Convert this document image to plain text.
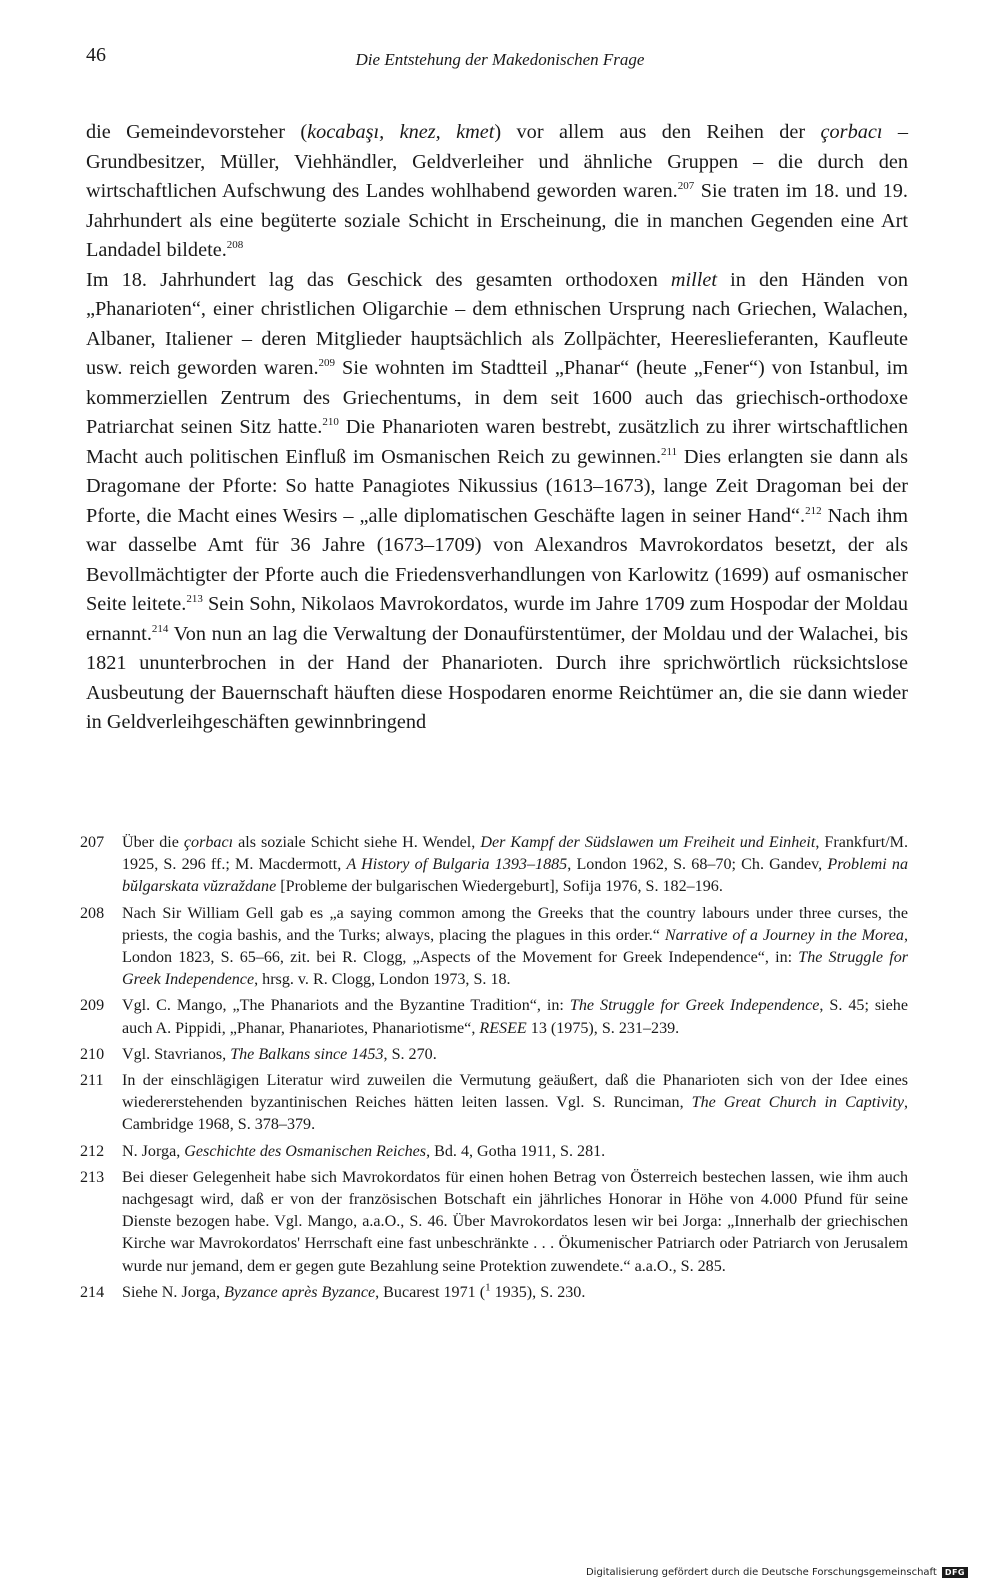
46	Die Entstehung der Makedonischen Frage

die Gemeindevorsteher (kocabaşı, knez, kmet) vor allem aus den Reihen der çorbacı – Grundbesitzer, Müller, Viehhändler, Geldverleiher und ähnliche Gruppen – die durch den wirtschaftlichen Aufschwung des Landes wohlhabend geworden waren.$^{207}$ Sie traten im 18. und 19. Jahrhundert als eine begüterte soziale Schicht in Erscheinung, die in manchen Gegenden eine Art Landadel bildete.$^{208}$

Im 18. Jahrhundert lag das Geschick des gesamten orthodoxen millet in den Händen von „Phanarioten“, einer christlichen Oligarchie – dem ethnischen Ursprung nach Griechen, Walachen, Albaner, Italiener – deren Mitglieder hauptsächlich als Zollpächter, Heereslieferanten, Kaufleute usw. reich geworden waren.$^{209}$ Sie wohnten im Stadtteil „Phanar“ (heute „Fener“) von Istanbul, im kommerziellen Zentrum des Griechentums, in dem seit 1600 auch das griechisch-orthodoxe Patriarchat seinen Sitz hatte.$^{210}$ Die Phanarioten waren bestrebt, zusätzlich zu ihrer wirtschaftlichen Macht auch politischen Einfluß im Osmanischen Reich zu gewinnen.$^{211}$ Dies erlangten sie dann als Dragomane der Pforte: So hatte Panagiotes Nikussius (1613–1673), lange Zeit Dragoman bei der Pforte, die Macht eines Wesirs – „alle diplomatischen Geschäfte lagen in seiner Hand“.$^{212}$ Nach ihm war dasselbe Amt für 36 Jahre (1673–1709) von Alexandros Mavrokordatos besetzt, der als Bevollmächtigter der Pforte auch die Friedensverhandlungen von Karlowitz (1699) auf osmanischer Seite leitete.$^{213}$ Sein Sohn, Nikolaos Mavrokordatos, wurde im Jahre 1709 zum Hospodar der Moldau ernannt.$^{214}$ Von nun an lag die Verwaltung der Donaufürstentümer, der Moldau und der Walachei, bis 1821 ununterbrochen in der Hand der Phanarioten. Durch ihre sprichwörtlich rücksichtslose Ausbeutung der Bauernschaft häuften diese Hospodaren enorme Reichtümer an, die sie dann wieder in Geldverleihgeschäften gewinnbringend

207	Über die çorbacı als soziale Schicht siehe H. Wendel, Der Kampf der Südslawen um Freiheit und Einheit, Frankfurt/M. 1925, S. 296 ff.; M. Macdermott, A History of Bulgaria 1393–1885, London 1962, S. 68–70; Ch. Gandev, Problemi na bŭlgarskata vŭzraždane [Probleme der bulgarischen Wiedergeburt], Sofija 1976, S. 182–196.
208	Nach Sir William Gell gab es „a saying common among the Greeks that the country labours under three curses, the priests, the cogia bashis, and the Turks; always, placing the plagues in this order.“ Narrative of a Journey in the Morea, London 1823, S. 65–66, zit. bei R. Clogg, „Aspects of the Movement for Greek Independence“, in: The Struggle for Greek Independence, hrsg. v. R. Clogg, London 1973, S. 18.
209	Vgl. C. Mango, „The Phanariots and the Byzantine Tradition“, in: The Struggle for Greek Independence, S. 45; siehe auch A. Pippidi, „Phanar, Phanariotes, Phanariotisme“, RESEE 13 (1975), S. 231–239.
210	Vgl. Stavrianos, The Balkans since 1453, S. 270.
211	In der einschlägigen Literatur wird zuweilen die Vermutung geäußert, daß die Phanarioten sich von der Idee eines wiedererstehenden byzantinischen Reiches hätten leiten lassen. Vgl. S. Runciman, The Great Church in Captivity, Cambridge 1968, S. 378–379.
212	N. Jorga, Geschichte des Osmanischen Reiches, Bd. 4, Gotha 1911, S. 281.
213	Bei dieser Gelegenheit habe sich Mavrokordatos für einen hohen Betrag von Österreich bestechen lassen, wie ihm auch nachgesagt wird, daß er von der französischen Botschaft ein jährliches Honorar in Höhe von 4.000 Pfund für seine Dienste bezogen habe. Vgl. Mango, a.a.O., S. 46. Über Mavrokordatos lesen wir bei Jorga: „Innerhalb der griechischen Kirche war Mavrokordatos' Herrschaft eine fast unbeschränkte . . . Ökumenischer Patriarch oder Patriarch von Jerusalem wurde nur jemand, dem er gegen gute Bezahlung seine Protektion zuwendete.“ a.a.O., S. 285.
214	Siehe N. Jorga, Byzance après Byzance, Bucarest 1971 ($^1$ 1935), S. 230.
Digitalisierung gefördert durch die Deutsche Forschungsgemeinschaft	DFG
